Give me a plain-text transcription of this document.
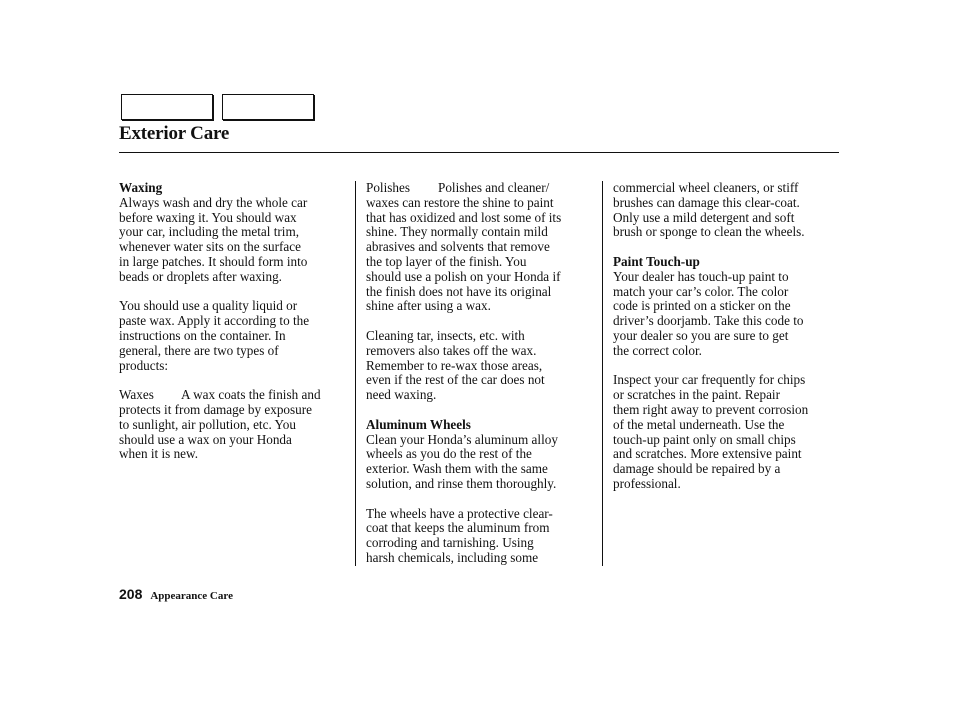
Exterior Care

Waxing

Always wash and dry the whole car

before waxing it. You should wax

your car, including the metal trim,

whenever water sits on the surface

in large patches. It should form into

beads or droplets after waxing.

You should use a quality liquid or

paste wax. Apply it according to the

instructions on the container. In

general, there are two types of

products:

Waxes A wax coats the finish and

protects it from damage by exposure

to sunlight, air pollution, etc. You

should use a wax on your Honda

when it is new.

Polishes Polishes and cleaner/

waxes can restore the shine to paint

that has oxidized and lost some of its

shine. They normally contain mild

abrasives and solvents that remove

the top layer of the finish. You

should use a polish on your Honda if

the finish does not have its original

shine after using a wax.

Cleaning tar, insects, etc. with

removers also takes off the wax.

Remember to re-wax those areas,

even if the rest of the car does not

need waxing.

Aluminum Wheels

Clean your Honda’s aluminum alloy

wheels as you do the rest of the

exterior. Wash them with the same

solution, and rinse them thoroughly.

The wheels have a protective clear-

coat that keeps the aluminum from

corroding and tarnishing. Using

harsh chemicals, including some

commercial wheel cleaners, or stiff

brushes can damage this clear-coat.

Only use a mild detergent and soft

brush or sponge to clean the wheels.

Paint Touch-up

Your dealer has touch-up paint to

match your car’s color. The color

code is printed on a sticker on the

driver’s doorjamb. Take this code to

your dealer so you are sure to get

the correct color.

Inspect your car frequently for chips

or scratches in the paint. Repair

them right away to prevent corrosion

of the metal underneath. Use the

touch-up paint only on small chips

and scratches. More extensive paint

damage should be repaired by a

professional.

208 Appearance Care
